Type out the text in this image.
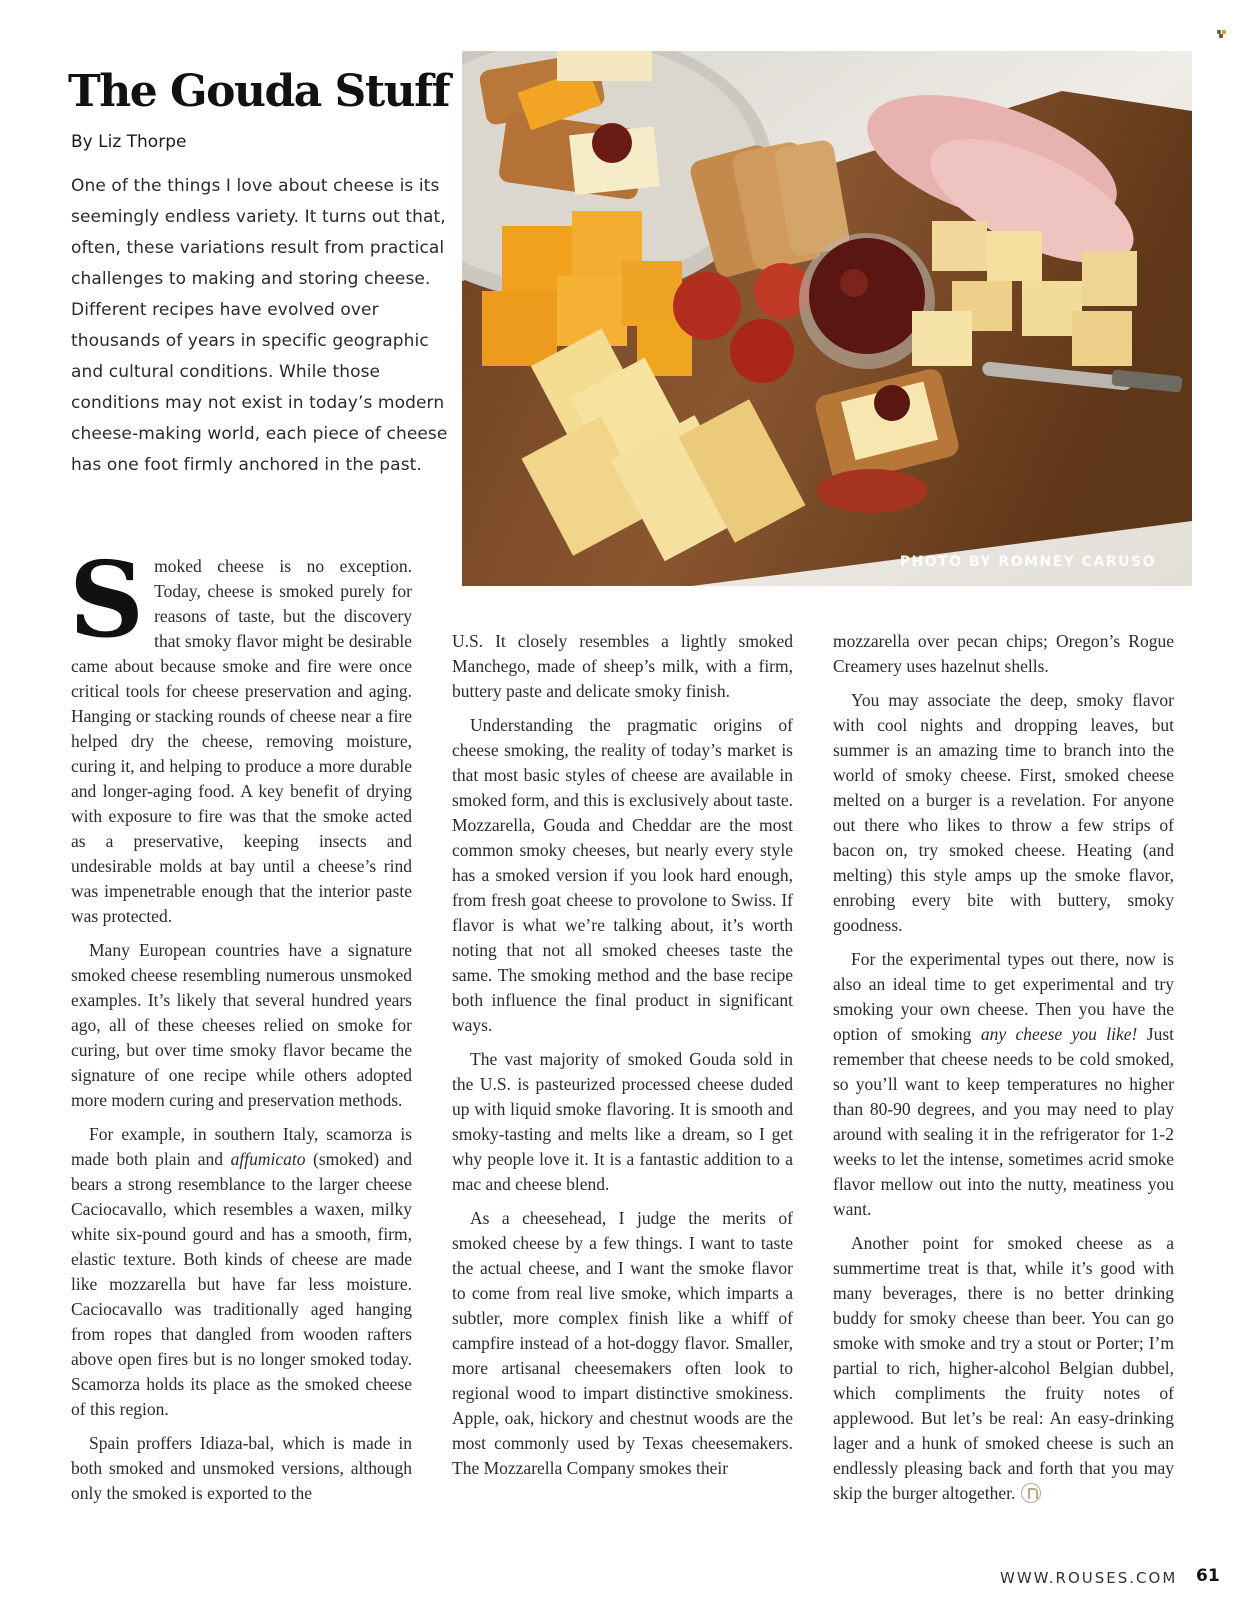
The Gouda Stuff
By Liz Thorpe

One of the things I love about cheese is its seemingly endless variety. It turns out that, often, these variations result from practical challenges to making and storing cheese. Different recipes have evolved over thousands of years in specific geographic and cultural conditions. While those conditions may not exist in today’s modern cheese-making world, each piece of cheese has one foot firmly anchored in the past.

PHOTO BY ROMNEY CARUSO

Smoked cheese is no exception. Today, cheese is smoked purely for reasons of taste, but the discovery that smoky flavor might be desirable came about because smoke and fire were once critical tools for cheese preservation and aging. Hanging or stacking rounds of cheese near a fire helped dry the cheese, removing moisture, curing it, and helping to produce a more durable and longer-aging food. A key benefit of drying with exposure to fire was that the smoke acted as a preservative, keeping insects and undesirable molds at bay until a cheese’s rind was impenetrable enough that the interior paste was protected.

Many European countries have a signature smoked cheese resembling numerous unsmoked examples. It’s likely that several hundred years ago, all of these cheeses relied on smoke for curing, but over time smoky flavor became the signature of one recipe while others adopted more modern curing and preservation methods.

For example, in southern Italy, scamorza is made both plain and affumicato (smoked) and bears a strong resemblance to the larger cheese Caciocavallo, which resembles a waxen, milky white six-pound gourd and has a smooth, firm, elastic texture. Both kinds of cheese are made like mozzarella but have far less moisture. Caciocavallo was traditionally aged hanging from ropes that dangled from wooden rafters above open fires but is no longer smoked today. Scamorza holds its place as the smoked cheese of this region.

Spain proffers Idiaza-bal, which is made in both smoked and unsmoked versions, although only the smoked is exported to the

U.S. It closely resembles a lightly smoked Manchego, made of sheep’s milk, with a firm, buttery paste and delicate smoky finish.

Understanding the pragmatic origins of cheese smoking, the reality of today’s market is that most basic styles of cheese are available in smoked form, and this is exclusively about taste. Mozzarella, Gouda and Cheddar are the most common smoky cheeses, but nearly every style has a smoked version if you look hard enough, from fresh goat cheese to provolone to Swiss. If flavor is what we’re talking about, it’s worth noting that not all smoked cheeses taste the same. The smoking method and the base recipe both influence the final product in significant ways.

The vast majority of smoked Gouda sold in the U.S. is pasteurized processed cheese duded up with liquid smoke flavoring. It is smooth and smoky-tasting and melts like a dream, so I get why people love it. It is a fantastic addition to a mac and cheese blend.

As a cheesehead, I judge the merits of smoked cheese by a few things. I want to taste the actual cheese, and I want the smoke flavor to come from real live smoke, which imparts a subtler, more complex finish like a whiff of campfire instead of a hot-doggy flavor. Smaller, more artisanal cheesemakers often look to regional wood to impart distinctive smokiness. Apple, oak, hickory and chestnut woods are the most commonly used by Texas cheesemakers. The Mozzarella Company smokes their

mozzarella over pecan chips; Oregon’s Rogue Creamery uses hazelnut shells.

You may associate the deep, smoky flavor with cool nights and dropping leaves, but summer is an amazing time to branch into the world of smoky cheese. First, smoked cheese melted on a burger is a revelation. For anyone out there who likes to throw a few strips of bacon on, try smoked cheese. Heating (and melting) this style amps up the smoke flavor, enrobing every bite with buttery, smoky goodness.

For the experimental types out there, now is also an ideal time to get experimental and try smoking your own cheese. Then you have the option of smoking any cheese you like! Just remember that cheese needs to be cold smoked, so you’ll want to keep temperatures no higher than 80-90 degrees, and you may need to play around with sealing it in the refrigerator for 1-2 weeks to let the intense, sometimes acrid smoke flavor mellow out into the nutty, meatiness you want.

Another point for smoked cheese as a summertime treat is that, while it’s good with many beverages, there is no better drinking buddy for smoky cheese than beer. You can go smoke with smoke and try a stout or Porter; I’m partial to rich, higher-alcohol Belgian dubbel, which compliments the fruity notes of applewood. But let’s be real: An easy-drinking lager and a hunk of smoked cheese is such an endlessly pleasing back and forth that you may skip the burger altogether.

WWW.ROUSES.COM 61
